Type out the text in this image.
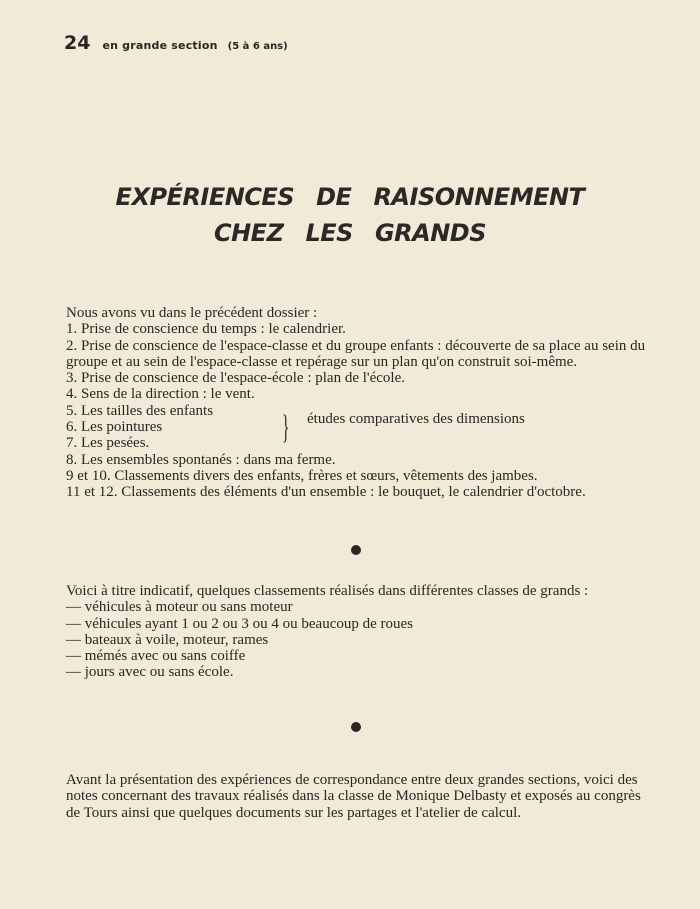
24 en grande section (5 à 6 ans)
EXPÉRIENCES DE RAISONNEMENT
CHEZ LES GRANDS

Nous avons vu dans le précédent dossier :

1. Prise de conscience du temps : le calendrier.
2. Prise de conscience de l'espace-classe et du groupe enfants : découverte de sa place au sein du groupe et au sein de l'espace-classe et repérage sur un plan qu'on construit soi-même.
3. Prise de conscience de l'espace-école : plan de l'école.
4. Sens de la direction : le vent.
5. Les tailles des enfants
6. Les pointures
7. Les pesées.	} études comparatives des dimensions
8. Les ensembles spontanés : dans ma ferme.
9 et 10. Classements divers des enfants, frères et sœurs, vêtements des jambes.
11 et 12. Classements des éléments d'un ensemble : le bouquet, le calendrier d'octobre.

Voici à titre indicatif, quelques classements réalisés dans différentes classes de grands :

— véhicules à moteur ou sans moteur
— véhicules ayant 1 ou 2 ou 3 ou 4 ou beaucoup de roues
— bateaux à voile, moteur, rames
— mémés avec ou sans coiffe
— jours avec ou sans école.

Avant la présentation des expériences de correspondance entre deux grandes sections, voici des notes concernant des travaux réalisés dans la classe de Monique Delbasty et exposés au congrès de Tours ainsi que quelques documents sur les partages et l'atelier de calcul.
